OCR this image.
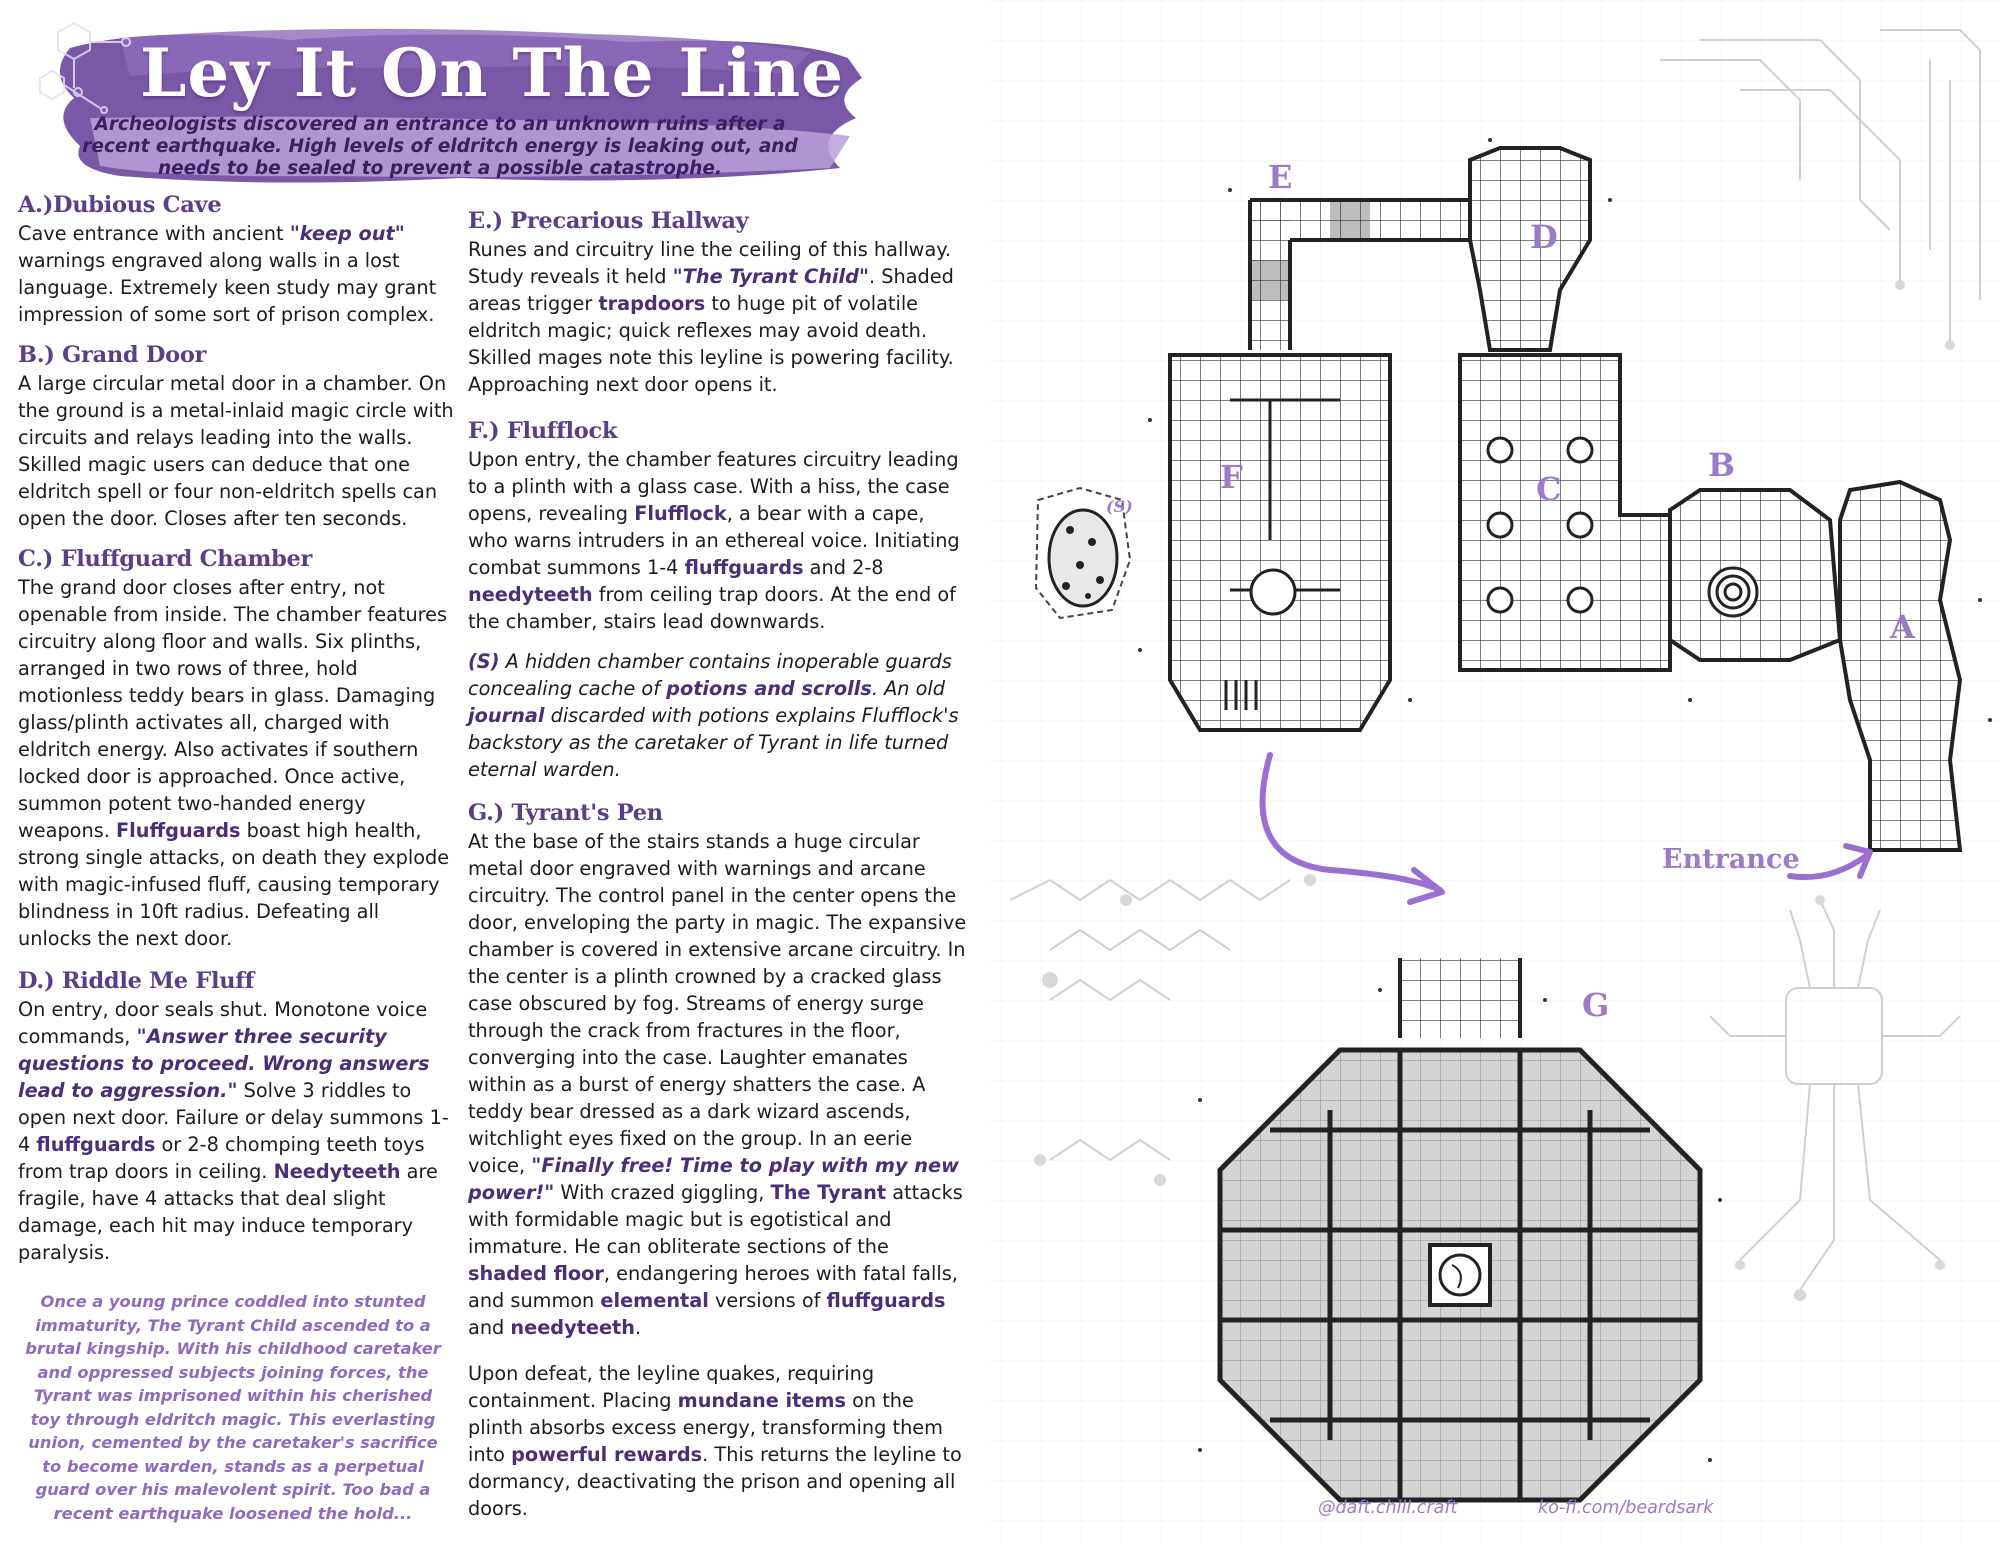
Ley It On The Line
Archeologists discovered an entrance to an unknown ruins after a recent earthquake. High levels of eldritch energy is leaking out, and needs to be sealed to prevent a possible catastrophe.
A.)Dubious Cave

Cave entrance with ancient "keep out" warnings engraved along walls in a lost language. Extremely keen study may grant impression of some sort of prison complex.

B.) Grand Door

A large circular metal door in a chamber. On the ground is a metal-inlaid magic circle with circuits and relays leading into the walls. Skilled magic users can deduce that one eldritch spell or four non-eldritch spells can open the door. Closes after ten seconds.

C.) Fluffguard Chamber

The grand door closes after entry, not openable from inside. The chamber features circuitry along floor and walls. Six plinths, arranged in two rows of three, hold motionless teddy bears in glass. Damaging glass/plinth activates all, charged with eldritch energy. Also activates if southern locked door is approached. Once active, summon potent two-handed energy weapons. Fluffguards boast high health, strong single attacks, on death they explode with magic-infused fluff, causing temporary blindness in 10ft radius. Defeating all unlocks the next door.

D.) Riddle Me Fluff

On entry, door seals shut. Monotone voice commands, "Answer three security questions to proceed. Wrong answers lead to aggression." Solve 3 riddles to open next door. Failure or delay summons 1-4 fluffguards or 2-8 chomping teeth toys from trap doors in ceiling. Needyteeth are fragile, have 4 attacks that deal slight damage, each hit may induce temporary paralysis.

Once a young prince coddled into stunted immaturity, The Tyrant Child ascended to a brutal kingship. With his childhood caretaker and oppressed subjects joining forces, the Tyrant was imprisoned within his cherished toy through eldritch magic. This everlasting union, cemented by the caretaker's sacrifice to become warden, stands as a perpetual guard over his malevolent spirit. Too bad a recent earthquake loosened the hold...
E.) Precarious Hallway

Runes and circuitry line the ceiling of this hallway. Study reveals it held "The Tyrant Child". Shaded areas trigger trapdoors to huge pit of volatile eldritch magic; quick reflexes may avoid death. Skilled mages note this leyline is powering facility. Approaching next door opens it.

F.) Flufflock

Upon entry, the chamber features circuitry leading to a plinth with a glass case. With a hiss, the case opens, revealing Flufflock, a bear with a cape, who warns intruders in an ethereal voice. Initiating combat summons 1-4 fluffguards and 2-8 needyteeth from ceiling trap doors. At the end of the chamber, stairs lead downwards.

(S) A hidden chamber contains inoperable guards concealing cache of potions and scrolls. An old journal discarded with potions explains Flufflock's backstory as the caretaker of Tyrant in life turned eternal warden.

G.) Tyrant's Pen

At the base of the stairs stands a huge circular metal door engraved with warnings and arcane circuitry. The control panel in the center opens the door, enveloping the party in magic. The expansive chamber is covered in extensive arcane circuitry. In the center is a plinth crowned by a cracked glass case obscured by fog. Streams of energy surge through the crack from fractures in the floor, converging into the case. Laughter emanates within as a burst of energy shatters the case. A teddy bear dressed as a dark wizard ascends, witchlight eyes fixed on the group. In an eerie voice, "Finally free! Time to play with my new power!" With crazed giggling, The Tyrant attacks with formidable magic but is egotistical and immature. He can obliterate sections of the shaded floor, endangering heroes with fatal falls, and summon elemental versions of fluffguards and needyteeth.

Upon defeat, the leyline quakes, requiring containment. Placing mundane items on the plinth absorbs excess energy, transforming them into powerful rewards. This returns the leyline to dormancy, deactivating the prison and opening all doors.

E
D
F	C
B
A
G
(S)
Entrance
@daft.chill.craft	ko-fi.com/beardsark
